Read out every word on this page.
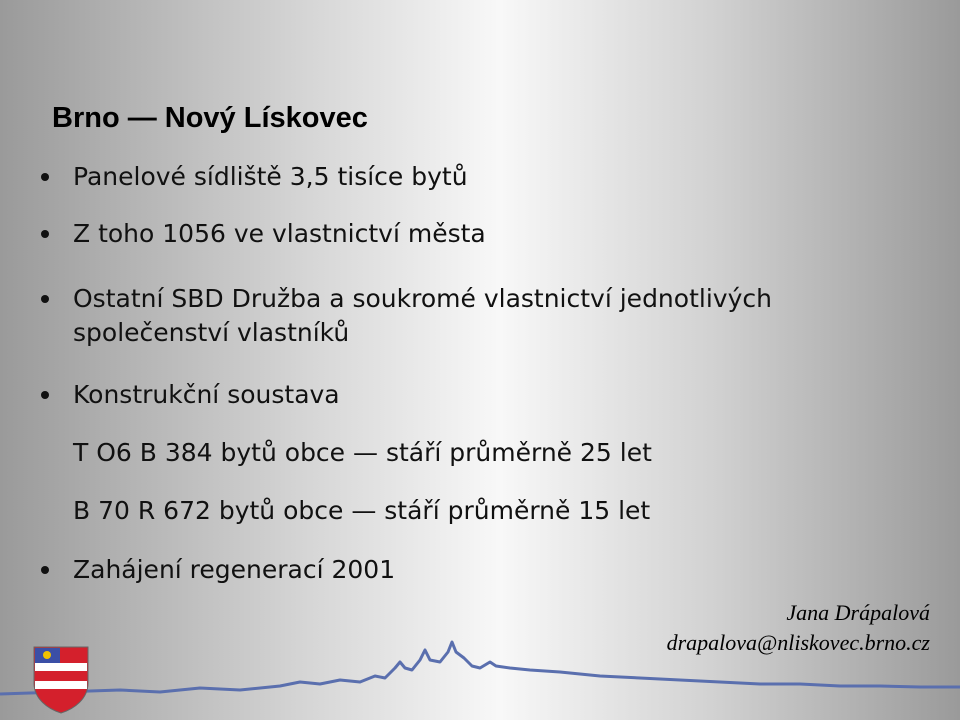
Brno — Nový Lískovec
Panelové sídliště 3,5 tisíce bytů
Z toho 1056 ve vlastnictví města
Ostatní SBD Družba a soukromé vlastnictví jednotlivých společenství vlastníků
Konstrukční soustava
T O6 B 384 bytů obce — stáří průměrně 25 let
B 70 R 672 bytů obce — stáří průměrně 15 let
Zahájení regenerací 2001
Jana Drápalová
drapalova@nliskovec.brno.cz
